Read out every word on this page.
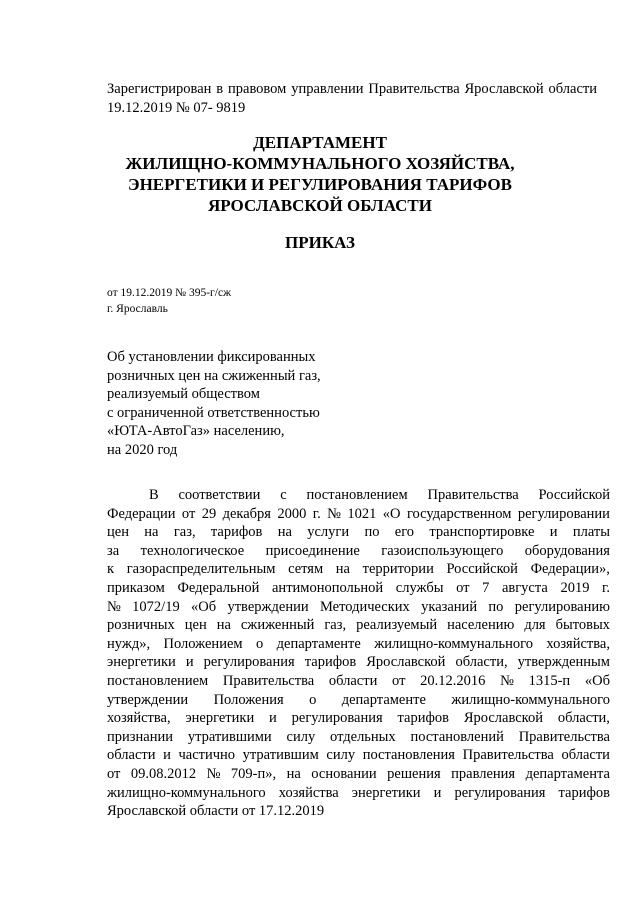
Зарегистрирован в правовом управлении Правительства Ярославской области 19.12.2019 № 07- 9819
ДЕПАРТАМЕНТ
ЖИЛИЩНО-КОММУНАЛЬНОГО ХОЗЯЙСТВА,
ЭНЕРГЕТИКИ И РЕГУЛИРОВАНИЯ ТАРИФОВ
ЯРОСЛАВСКОЙ ОБЛАСТИ
ПРИКАЗ
от 19.12.2019 № 395-г/сж
г. Ярославль
Об установлении фиксированных
розничных цен на сжиженный газ,
реализуемый обществом
с ограниченной ответственностью
«ЮТА-АвтоГаз» населению,
на 2020 год
В соответствии с постановлением Правительства Российской
Федерации от 29 декабря 2000 г. № 1021 «О государственном регулировании
цен на газ, тарифов на услуги по его транспортировке и платы
за технологическое присоединение газоиспользующего оборудования
к газораспределительным сетям на территории Российской Федерации»,
приказом Федеральной антимонопольной службы от 7 августа 2019 г.
№ 1072/19 «Об утверждении Методических указаний по регулированию
розничных цен на сжиженный газ, реализуемый населению для бытовых
нужд», Положением о департаменте жилищно-коммунального хозяйства,
энергетики и регулирования тарифов Ярославской области, утвержденным
постановлением Правительства области от 20.12.2016 № 1315-п «Об
утверждении Положения о департаменте жилищно-коммунального
хозяйства, энергетики и регулирования тарифов Ярославской области,
признании утратившими силу отдельных постановлений Правительства
области и частично утратившим силу постановления Правительства области
от 09.08.2012 № 709-п», на основании решения правления департамента
жилищно-коммунального хозяйства энергетики и регулирования тарифов
Ярославской области от 17.12.2019
